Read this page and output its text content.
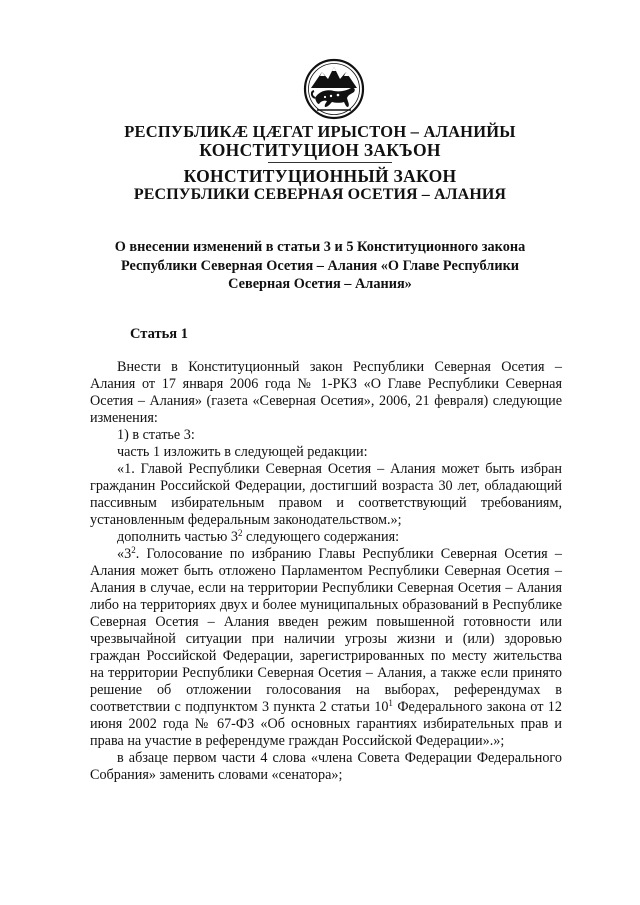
РЕСПУБЛИКÆ ЦÆГАТ ИРЫСТОН – АЛАНИЙЫ
КОНСТИТУЦИОН ЗАКЪОН
КОНСТИТУЦИОННЫЙ ЗАКОН
РЕСПУБЛИКИ СЕВЕРНАЯ ОСЕТИЯ – АЛАНИЯ
О внесении изменений в статьи 3 и 5 Конституционного закона
Республики Северная Осетия – Алания «О Главе Республики
Северная Осетия – Алания»
Статья 1

Внести в Конституционный закон Республики Северная Осетия – Алания от 17 января 2006 года № 1-РКЗ «О Главе Республики Северная Осетия – Алания» (газета «Северная Осетия», 2006, 21 февраля) следующие изменения:

1) в статье 3:

часть 1 изложить в следующей редакции:

«1. Главой Республики Северная Осетия – Алания может быть избран гражданин Российской Федерации, достигший возраста 30 лет, обладающий пассивным избирательным правом и соответствующий требованиям, установленным федеральным законодательством.»;

дополнить частью $3^2$ следующего содержания:

«$3^2$. Голосование по избранию Главы Республики Северная Осетия – Алания может быть отложено Парламентом Республики Северная Осетия – Алания в случае, если на территории Республики Северная Осетия – Алания либо на территориях двух и более муниципальных образований в Республике Северная Осетия – Алания введен режим повышенной готовности или чрезвычайной ситуации при наличии угрозы жизни и (или) здоровью граждан Российской Федерации, зарегистрированных по месту жительства на территории Республики Северная Осетия – Алания, а также если принято решение об отложении голосования на выборах, референдумах в соответствии с подпунктом 3 пункта 2 статьи $10^1$ Федерального закона от 12 июня 2002 года № 67-ФЗ «Об основных гарантиях избирательных прав и права на участие в референдуме граждан Российской Федерации».»;

в абзаце первом части 4 слова «члена Совета Федерации Федерального Собрания» заменить словами «сенатора»;
